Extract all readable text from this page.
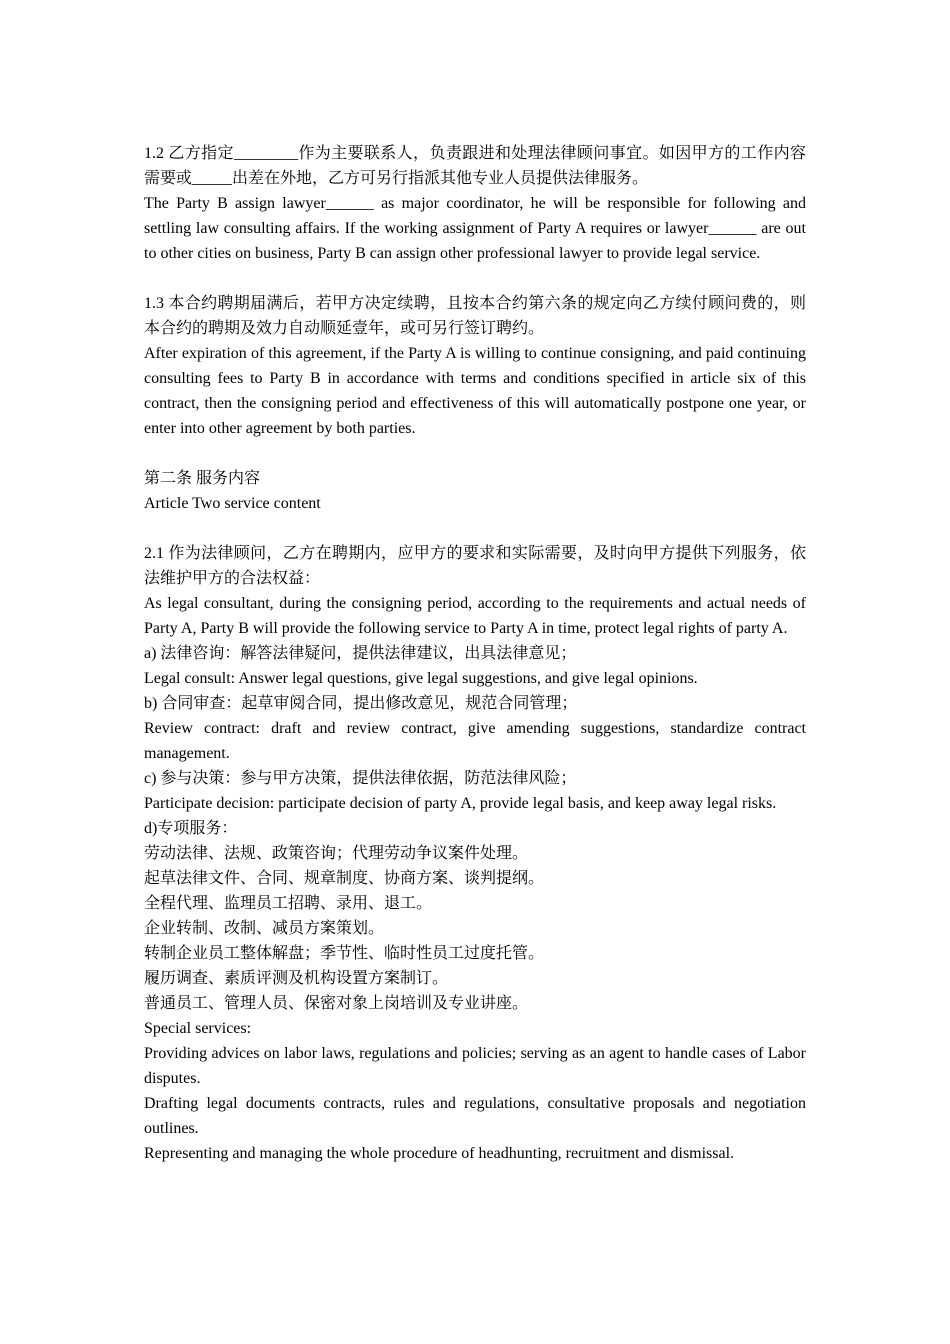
1.2 乙方指定________作为主要联系人，负责跟进和处理法律顾问事宜。如因甲方的工作内容需要或_____出差在外地，乙方可另行指派其他专业人员提供法律服务。

The Party B assign lawyer______ as major coordinator, he will be responsible for following and settling law consulting affairs. If the working assignment of Party A requires or lawyer______ are out to other cities on business, Party B can assign other professional lawyer to provide legal service.

1.3 本合约聘期届满后，若甲方决定续聘，且按本合约第六条的规定向乙方续付顾问费的，则本合约的聘期及效力自动顺延壹年，或可另行签订聘约。

After expiration of this agreement, if the Party A is willing to continue consigning, and paid continuing consulting fees to Party B in accordance with terms and conditions specified in article six of this contract, then the consigning period and effectiveness of this will automatically postpone one year, or enter into other agreement by both parties.

第二条 服务内容

Article Two service content

2.1 作为法律顾问，乙方在聘期内，应甲方的要求和实际需要，及时向甲方提供下列服务，依法维护甲方的合法权益：

As legal consultant, during the consigning period, according to the requirements and actual needs of Party A, Party B will provide the following service to Party A in time, protect legal rights of party A.

a) 法律咨询：解答法律疑问，提供法律建议，出具法律意见；

Legal consult: Answer legal questions, give legal suggestions, and give legal opinions.

b) 合同审查：起草审阅合同，提出修改意见，规范合同管理；

Review contract: draft and review contract, give amending suggestions, standardize contract management.

c) 参与决策：参与甲方决策，提供法律依据，防范法律风险；

Participate decision: participate decision of party A, provide legal basis, and keep away legal risks.

d)专项服务：

劳动法律、法规、政策咨询；代理劳动争议案件处理。

起草法律文件、合同、规章制度、协商方案、谈判提纲。

全程代理、监理员工招聘、录用、退工。

企业转制、改制、减员方案策划。

转制企业员工整体解盘；季节性、临时性员工过度托管。

履历调查、素质评测及机构设置方案制订。

普通员工、管理人员、保密对象上岗培训及专业讲座。

Special services:

Providing advices on labor laws, regulations and policies; serving as an agent to handle cases of Labor disputes.

Drafting legal documents contracts, rules and regulations, consultative proposals and negotiation outlines.

Representing and managing the whole procedure of headhunting, recruitment and dismissal.
